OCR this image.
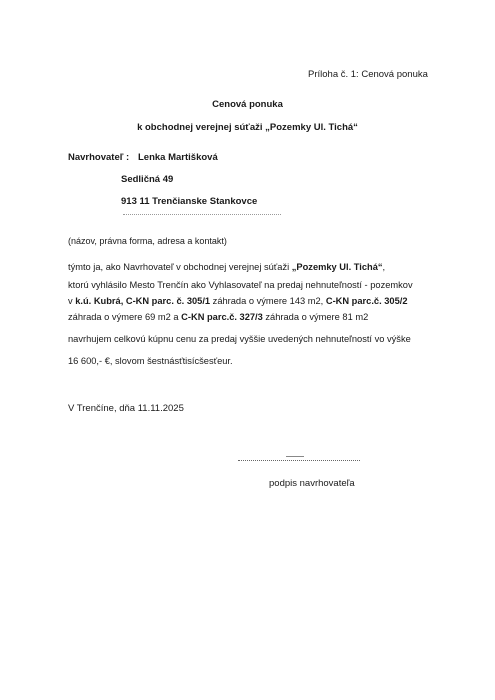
Príloha č. 1: Cenová ponuka
Cenová ponuka
k obchodnej verejnej súťaži „Pozemky Ul. Tichá“
Navrhovateľ : Lenka Martišková
Sedličná 49
913 11 Trenčianske Stankovce
(názov, právna forma, adresa a kontakt)
týmto ja, ako Navrhovateľ v obchodnej verejnej súťaži „Pozemky Ul. Tichá“,
ktorú vyhlásilo Mesto Trenčín ako Vyhlasovateľ na predaj nehnuteľností - pozemkov
v k.ú. Kubrá, C-KN parc. č. 305/1 záhrada o výmere 143 m2, C-KN parc.č. 305/2
záhrada o výmere 69 m2 a C-KN parc.č. 327/3 záhrada o výmere 81 m2
navrhujem celkovú kúpnu cenu za predaj vyššie uvedených nehnuteľností vo výške
16 600,- €, slovom šestnásťtisícšesťeur.
V Trenčíne, dňa 11.11.2025
podpis navrhovateľa
